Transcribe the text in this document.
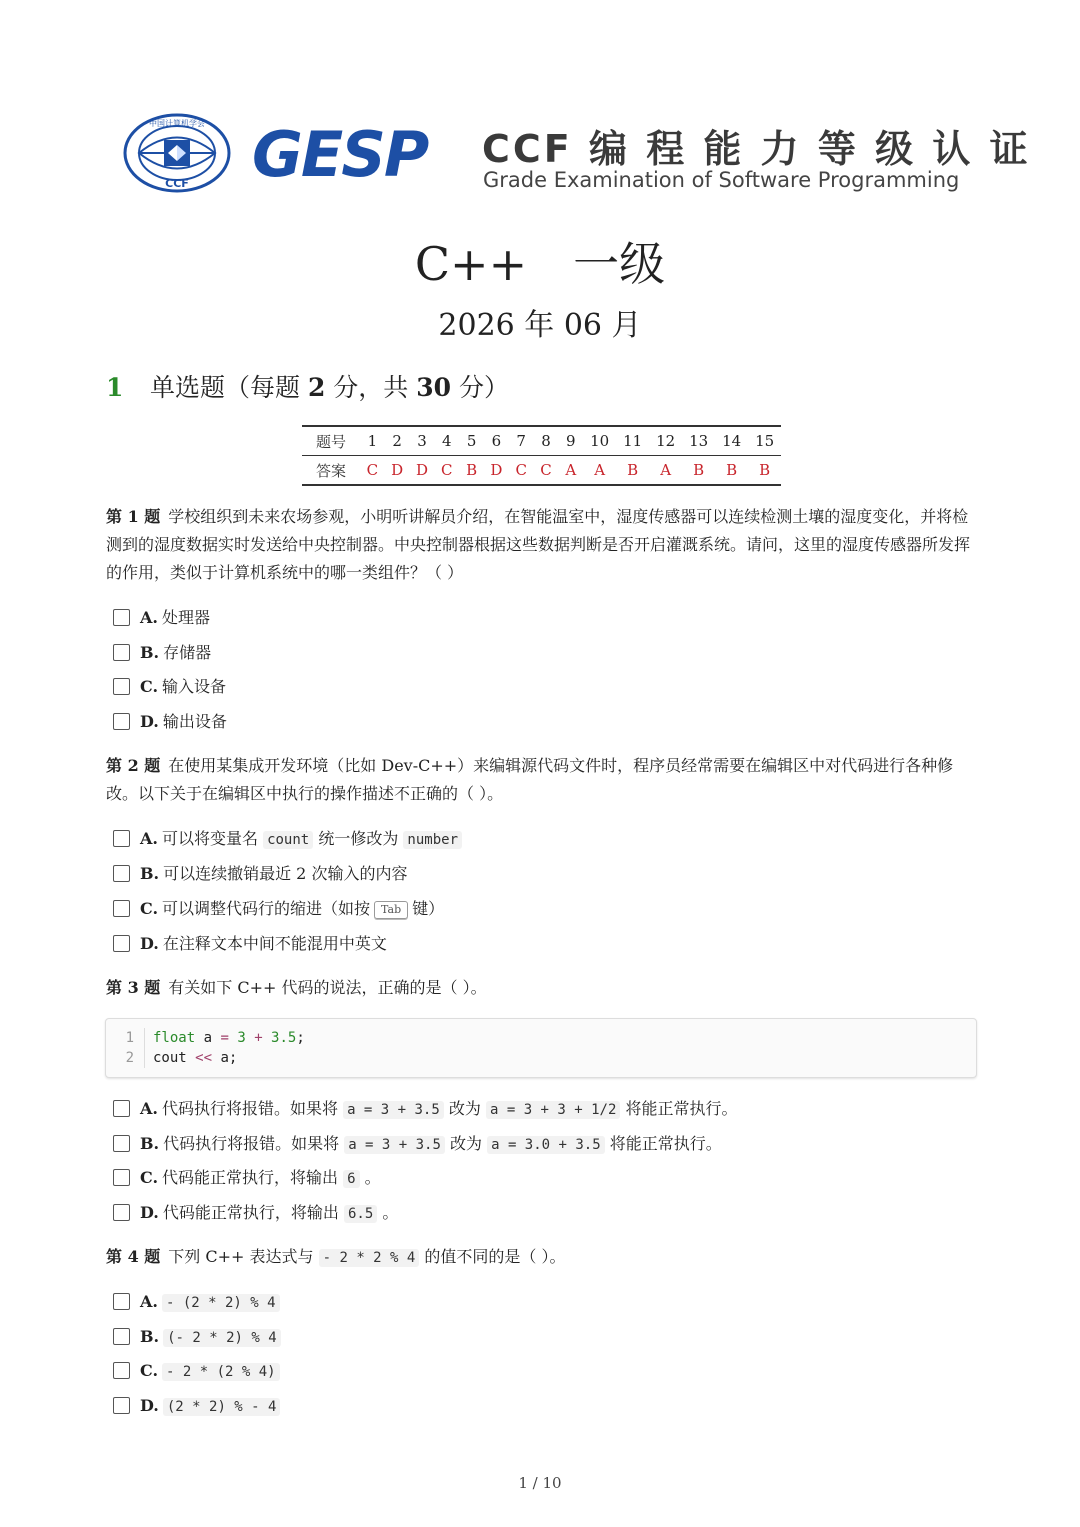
中国计算机学会
CCF GESP CCF 编 程 能 力 等 级 认 证
Grade Examination of Software Programming
C++ 一级
2026 年 06 月
1 单选题（每题 2 分，共 30 分）
题号	1	2	3	4	5	6	7	8	9	10	11	12	13	14	15
答案	C	D	D	C	B	D	C	C	A	A	B	A	B	B	B
第 1 题 学校组织到未来农场参观，小明听讲解员介绍，在智能温室中，湿度传感器可以连续检测土壤的湿度变化，并将检测到的湿度数据实时发送给中央控制器。中央控制器根据这些数据判断是否开启灌溉系统。请问，这里的湿度传感器所发挥的作用，类似于计算机系统中的哪一类组件？（ ）
A. 处理器
B. 存储器
C. 输入设备
D. 输出设备
第 2 题 在使用某集成开发环境（比如 Dev-C++）来编辑源代码文件时，程序员经常需要在编辑区中对代码进行各种修改。以下关于在编辑区中执行的操作描述不正确的（ ）。
A. 可以将变量名 count 统一修改为 number
B. 可以连续撤销最近 2 次输入的内容
C. 可以调整代码行的缩进（如按 Tab 键）
D. 在注释文本中间不能混用中英文
第 3 题 有关如下 C++ 代码的说法，正确的是（ ）。
1 float a = 3 + 3.5;
2 cout << a;
A. 代码执行将报错。如果将 a = 3 + 3.5 改为 a = 3 + 3 + 1/2 将能正常执行。
B. 代码执行将报错。如果将 a = 3 + 3.5 改为 a = 3.0 + 3.5 将能正常执行。
C. 代码能正常执行，将输出 6 。
D. 代码能正常执行，将输出 6.5 。
第 4 题 下列 C++ 表达式与 - 2 * 2 % 4 的值不同的是（ ）。
A. - (2 * 2) % 4
B. (- 2 * 2) % 4
C. - 2 * (2 % 4)
D. (2 * 2) % - 4
1 / 10
